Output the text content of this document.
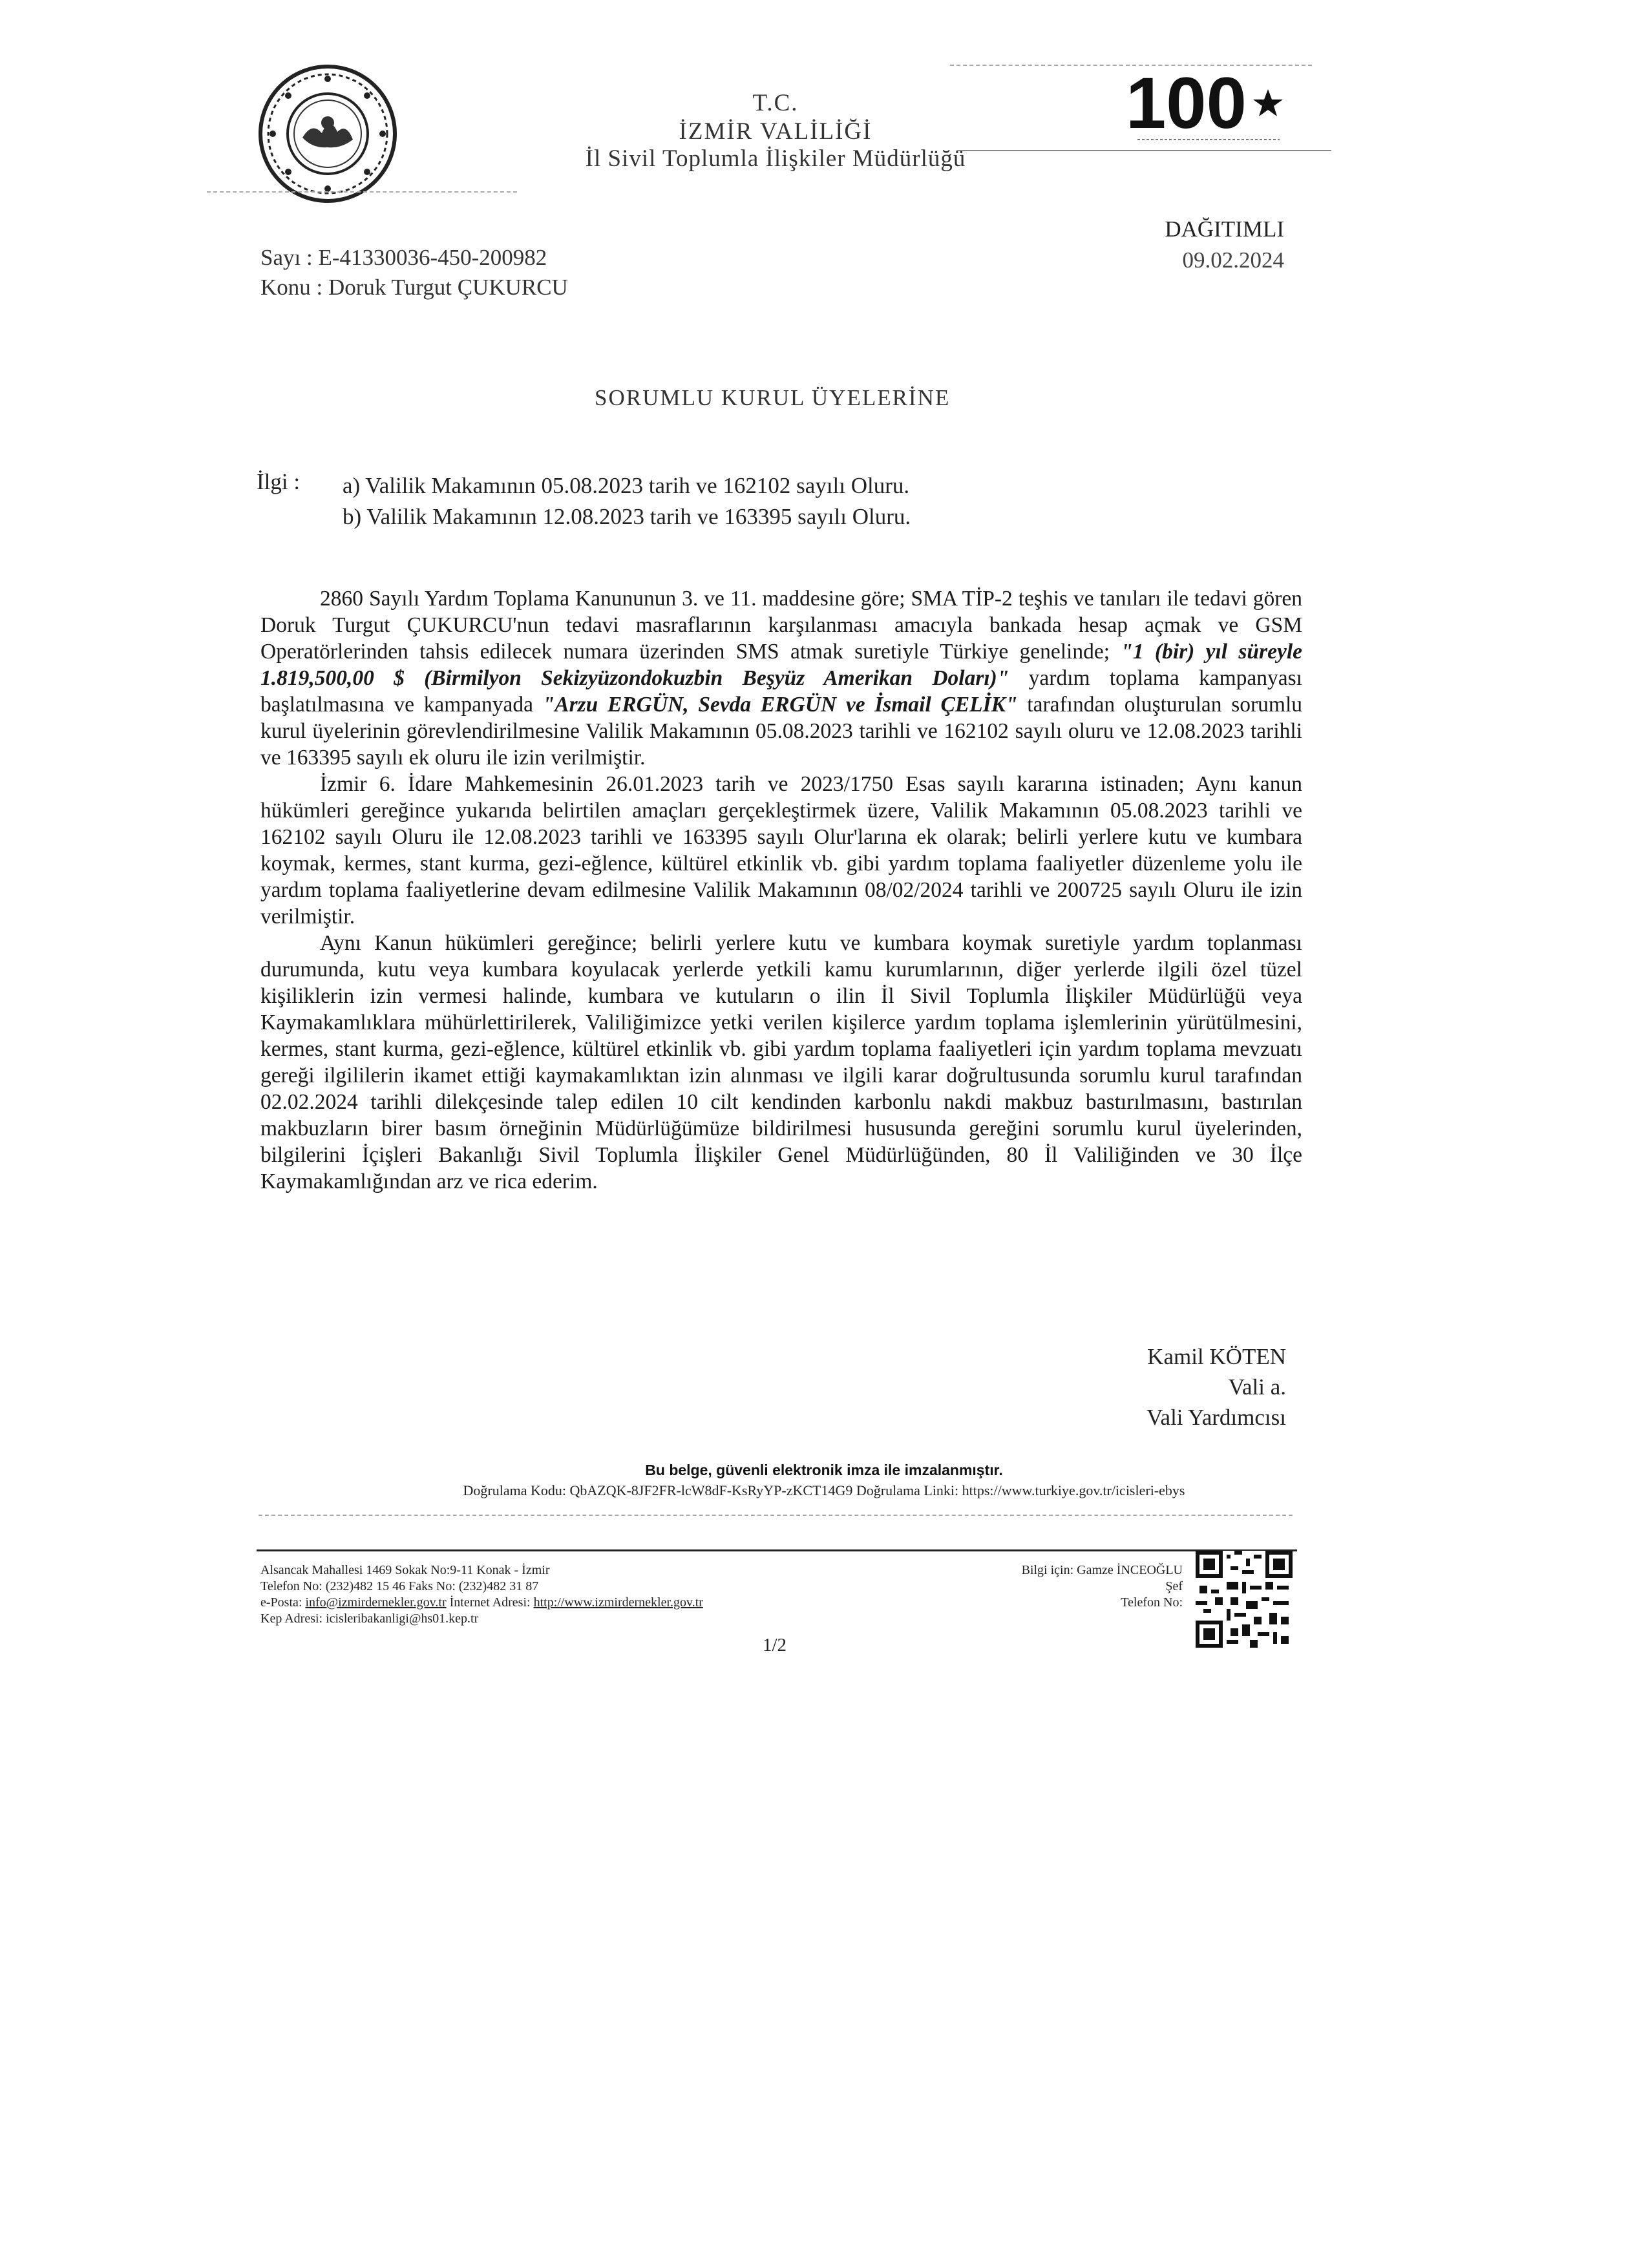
T.C.
İZMİR VALİLİĞİ
İl Sivil Toplumla İlişkiler Müdürlüğü
100
Sayı : E-41330036-450-200982
Konu : Doruk Turgut ÇUKURCU
DAĞITIMLI
09.02.2024
SORUMLU KURUL ÜYELERİNE
İlgi : a) Valilik Makamının 05.08.2023 tarih ve 162102 sayılı Oluru.
b) Valilik Makamının 12.08.2023 tarih ve 163395 sayılı Oluru.

2860 Sayılı Yardım Toplama Kanununun 3. ve 11. maddesine göre; SMA TİP-2 teşhis ve tanıları ile tedavi gören Doruk Turgut ÇUKURCU'nun tedavi masraflarının karşılanması amacıyla bankada hesap açmak ve GSM Operatörlerinden tahsis edilecek numara üzerinden SMS atmak suretiyle Türkiye genelinde; "1 (bir) yıl süreyle 1.819,500,00 $ (Birmilyon Sekizyüzondokuzbin Beşyüz Amerikan Doları)" yardım toplama kampanyası başlatılmasına ve kampanyada "Arzu ERGÜN, Sevda ERGÜN ve İsmail ÇELİK" tarafından oluşturulan sorumlu kurul üyelerinin görevlendirilmesine Valilik Makamının 05.08.2023 tarihli ve 162102 sayılı oluru ve 12.08.2023 tarihli ve 163395 sayılı ek oluru ile izin verilmiştir.

İzmir 6. İdare Mahkemesinin 26.01.2023 tarih ve 2023/1750 Esas sayılı kararına istinaden; Aynı kanun hükümleri gereğince yukarıda belirtilen amaçları gerçekleştirmek üzere, Valilik Makamının 05.08.2023 tarihli ve 162102 sayılı Oluru ile 12.08.2023 tarihli ve 163395 sayılı Olur'larına ek olarak; belirli yerlere kutu ve kumbara koymak, kermes, stant kurma, gezi-eğlence, kültürel etkinlik vb. gibi yardım toplama faaliyetler düzenleme yolu ile yardım toplama faaliyetlerine devam edilmesine Valilik Makamının 08/02/2024 tarihli ve 200725 sayılı Oluru ile izin verilmiştir.

Aynı Kanun hükümleri gereğince; belirli yerlere kutu ve kumbara koymak suretiyle yardım toplanması durumunda, kutu veya kumbara koyulacak yerlerde yetkili kamu kurumlarının, diğer yerlerde ilgili özel tüzel kişiliklerin izin vermesi halinde, kumbara ve kutuların o ilin İl Sivil Toplumla İlişkiler Müdürlüğü veya Kaymakamlıklara mühürlettirilerek, Valiliğimizce yetki verilen kişilerce yardım toplama işlemlerinin yürütülmesini, kermes, stant kurma, gezi-eğlence, kültürel etkinlik vb. gibi yardım toplama faaliyetleri için yardım toplama mevzuatı gereği ilgililerin ikamet ettiği kaymakamlıktan izin alınması ve ilgili karar doğrultusunda sorumlu kurul tarafından 02.02.2024 tarihli dilekçesinde talep edilen 10 cilt kendinden karbonlu nakdi makbuz bastırılmasını, bastırılan makbuzların birer basım örneğinin Müdürlüğümüze bildirilmesi hususunda gereğini sorumlu kurul üyelerinden, bilgilerini İçişleri Bakanlığı Sivil Toplumla İlişkiler Genel Müdürlüğünden, 80 İl Valiliğinden ve 30 İlçe Kaymakamlığından arz ve rica ederim.

Kamil KÖTEN
Vali a.
Vali Yardımcısı
Bu belge, güvenli elektronik imza ile imzalanmıştır.
Doğrulama Kodu: QbAZQK-8JF2FR-lcW8dF-KsRyYP-zKCT14G9 Doğrulama Linki: https://www.turkiye.gov.tr/icisleri-ebys
Alsancak Mahallesi 1469 Sokak No:9-11 Konak - İzmir
Telefon No: (232)482 15 46 Faks No: (232)482 31 87
e-Posta: info@izmirdernekler.gov.tr İnternet Adresi: http://www.izmirdernekler.gov.tr
Kep Adresi: icisleribakanligi@hs01.kep.tr
Bilgi için: Gamze İNCEOĞLU
Şef
Telefon No:
1/2
